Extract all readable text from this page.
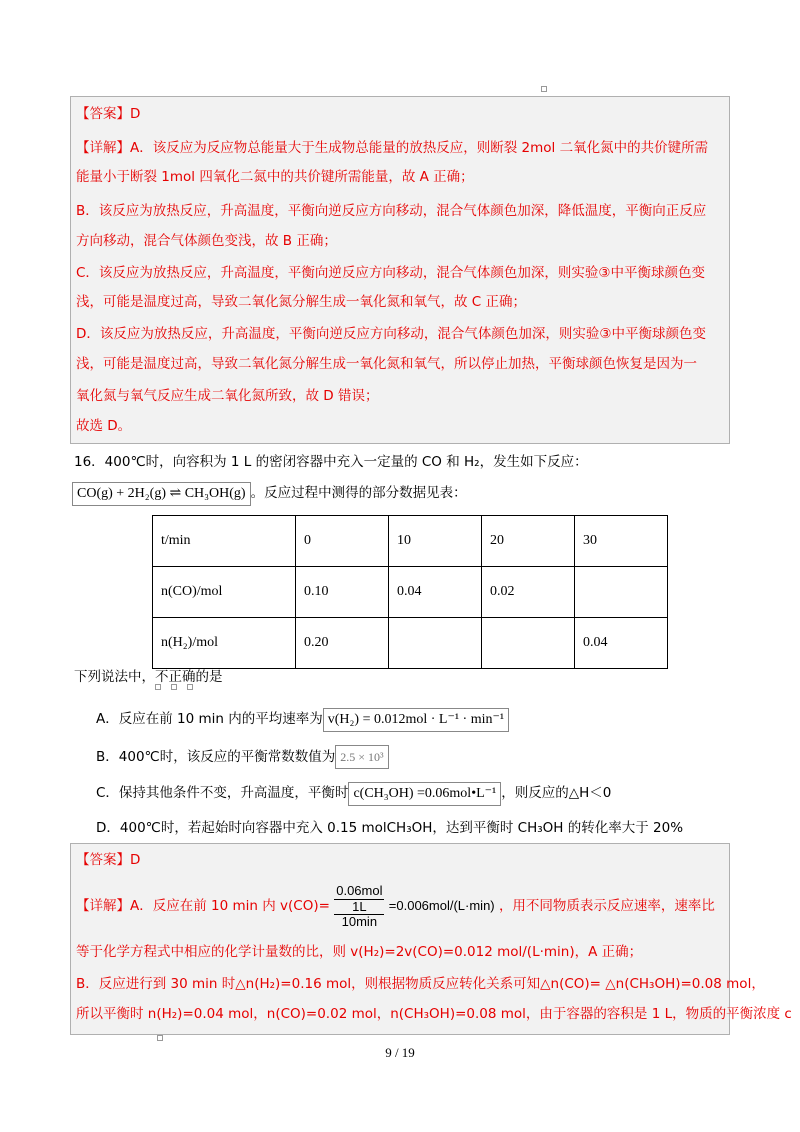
【答案】D
【详解】A．该反应为反应物总能量大于生成物总能量的放热反应，则断裂 2mol 二氧化氮中的共价键所需
能量小于断裂 1mol 四氧化二氮中的共价键所需能量，故 A 正确；
B．该反应为放热反应，升高温度，平衡向逆反应方向移动，混合气体颜色加深，降低温度，平衡向正反应
方向移动，混合气体颜色变浅，故 B 正确；
C．该反应为放热反应，升高温度，平衡向逆反应方向移动，混合气体颜色加深，则实验③中平衡球颜色变
浅，可能是温度过高，导致二氧化氮分解生成一氧化氮和氧气，故 C 正确；
D．该反应为放热反应，升高温度，平衡向逆反应方向移动，混合气体颜色加深，则实验③中平衡球颜色变
浅，可能是温度过高，导致二氧化氮分解生成一氧化氮和氧气，所以停止加热，平衡球颜色恢复是因为一
氧化氮与氧气反应生成二氧化氮所致，故 D 错误；
故选 D。
16．400℃时，向容积为 1 L 的密闭容器中充入一定量的 CO 和 H₂，发生如下反应：
CO(g) + 2H₂(g) ⇌ CH₃OH(g) 。反应过程中测得的部分数据见表：
t/min	0	10	20	30
n(CO)/mol	0.10	0.04	0.02	
n(H₂)/mol	0.20			0.04
下列说法中，不正确的是
A．反应在前 10 min 内的平均速率为 v(H₂) = 0.012mol · L⁻¹ · min⁻¹
B．400℃时，该反应的平衡常数数值为 2.5 × 10³
C．保持其他条件不变，升高温度，平衡时 c(CH₃OH) =0.06mol•L⁻¹ ，则反应的△H＜0
D．400℃时，若起始时向容器中充入 0.15 molCH₃OH，达到平衡时 CH₃OH 的转化率大于 20%
【答案】D
【详解】A．反应在前 10 min 内 v(CO)= 0.06mol
1L
10min =0.006mol/(L·min) ，用不同物质表示反应速率，速率比
等于化学方程式中相应的化学计量数的比，则 v(H₂)=2v(CO)=0.012 mol/(L·min)，A 正确；
B．反应进行到 30 min 时△n(H₂)=0.16 mol，则根据物质反应转化关系可知△n(CO)= △n(CH₃OH)=0.08 mol，
所以平衡时 n(H₂)=0.04 mol，n(CO)=0.02 mol，n(CH₃OH)=0.08 mol，由于容器的容积是 1 L，物质的平衡浓度 c
9 / 19
